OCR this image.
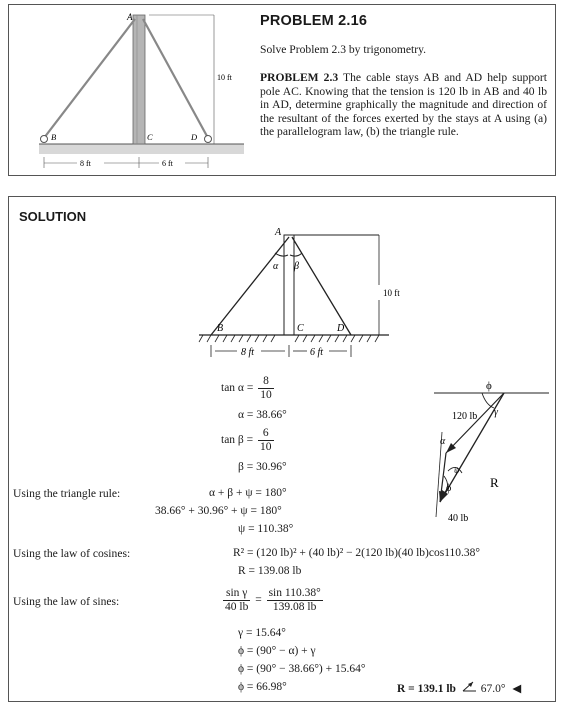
A
B	C	D
10 ft
8 ft	6 ft
PROBLEM 2.16
Solve Problem 2.3 by trigonometry.
PROBLEM 2.3 The cable stays AB and AD help support pole AC. Knowing that the tension is 120 lb in AB and 40 lb in AD, determine graphically the magnitude and direction of the resultant of the forces exerted by the stays at A using (a) the parallelogram law, (b) the triangle rule.
SOLUTION
A
B	C	D
α β
10 ft
8 ft	6 ft
ϕ
γ
α
ψ
ϕ
120 lb
40 lb
R
$\tan \alpha = \frac{8}{10}$
α = 38.66°
$\tan \beta = \frac{6}{10}$
β = 30.96°
Using the triangle rule:	α + β + ψ = 180°
38.66° + 30.96° + ψ = 180°
ψ = 110.38°
Using the law of cosines:	R² = (120 lb)² + (40 lb)² − 2(120 lb)(40 lb)cos110.38°
R = 139.08 lb
Using the law of sines:	$\frac{\text{sin γ}}{40 lb} = \frac{\sin 110.38^\circ}{139.08 lb}$
γ = 15.64°
ϕ = (90° − α) + γ
ϕ = (90° − 38.66°) + 15.64°
ϕ = 66.98°	R = 139.1 lb 67.0° ◀
